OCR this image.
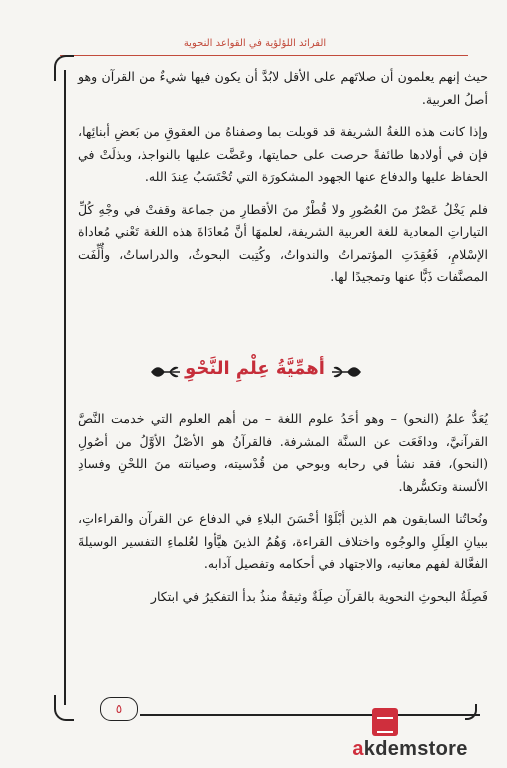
الفرائد اللؤلؤية في القواعد النحوية

حيث إنهم يعلمون أن صلاتَهم على الأقل لابُدَّ أن يكون فيها شيءٌ من القرآن وهو أصلُ العربية.

وإذا كانت هذه اللغةُ الشريفة قد قوبلت بما وصفناهُ من العقوقِ من بَعضِ أبنائِها، فإن في أولادها طائفةً حرصت على حمايتها، وعَضَّت عليها بالنواجذ، وبذلَتْ في الحفاظ عليها والدفاع عنها الجهود المشكورَة التي تُحْتَسَبُ عِندَ الله.

فلم يَخْلُ عَصْرٌ منَ العُصُورِ ولا قُطْرٌ منَ الأقطارِ من جماعة وقفتْ في وجْهِ كُلِّ التياراتِ المعادية للغة العربية الشريفة، لعلمهَا أنَّ مُعادَاةَ هذه اللغة تَعْني مُعاداة الإسْلامِ، فَعُقِدَتِ المؤتمراتُ والندواتُ، وكُتِبت البحوثُ، والدراساتُ، وأُلِّفَت المصنَّفات ذَبًّا عنها وتمجيدًا لها.

أهمِّيَّةُ عِلْمِ النَّحْوِ

يُعَدُّ علمُ (النحو) – وهو أحَدُ علوم اللغة – من أهم العلوم التي خدمت النَّصَّ القرآنيَّ، ودافَعَت عن السنَّة المشرفة. فالقرآنُ هو الأصْلُ الأوَّلُ من أصُولِ (النحو)، فقد نشأ في رحابه وبوحي من قُدْسيته، وصيانته منَ اللحْنِ وفسادِ الألسنة وتكسُّرها.

ونُحاتُنا السابقون هم الذين أبْلَوْا أحْسَنَ البلاءِ في الدفاع عن القرآن والقراءاتِ، ببيانِ العِلَلِ والوجُوه واختلاف القراءة، وَهُمُ الذينَ هيَّأوا لعُلماءِ التفسير الوسيلةَ الفعَّالة لفهم معانيه، والاجتهاد في أحكامه وتفصيل آدابه.

فَصِلَةُ البحوثِ النحوية بالقرآن صِلَةٌ وثيقةٌ منذُ بدأ التفكيرُ في ابتكار

٥
akdemstore
